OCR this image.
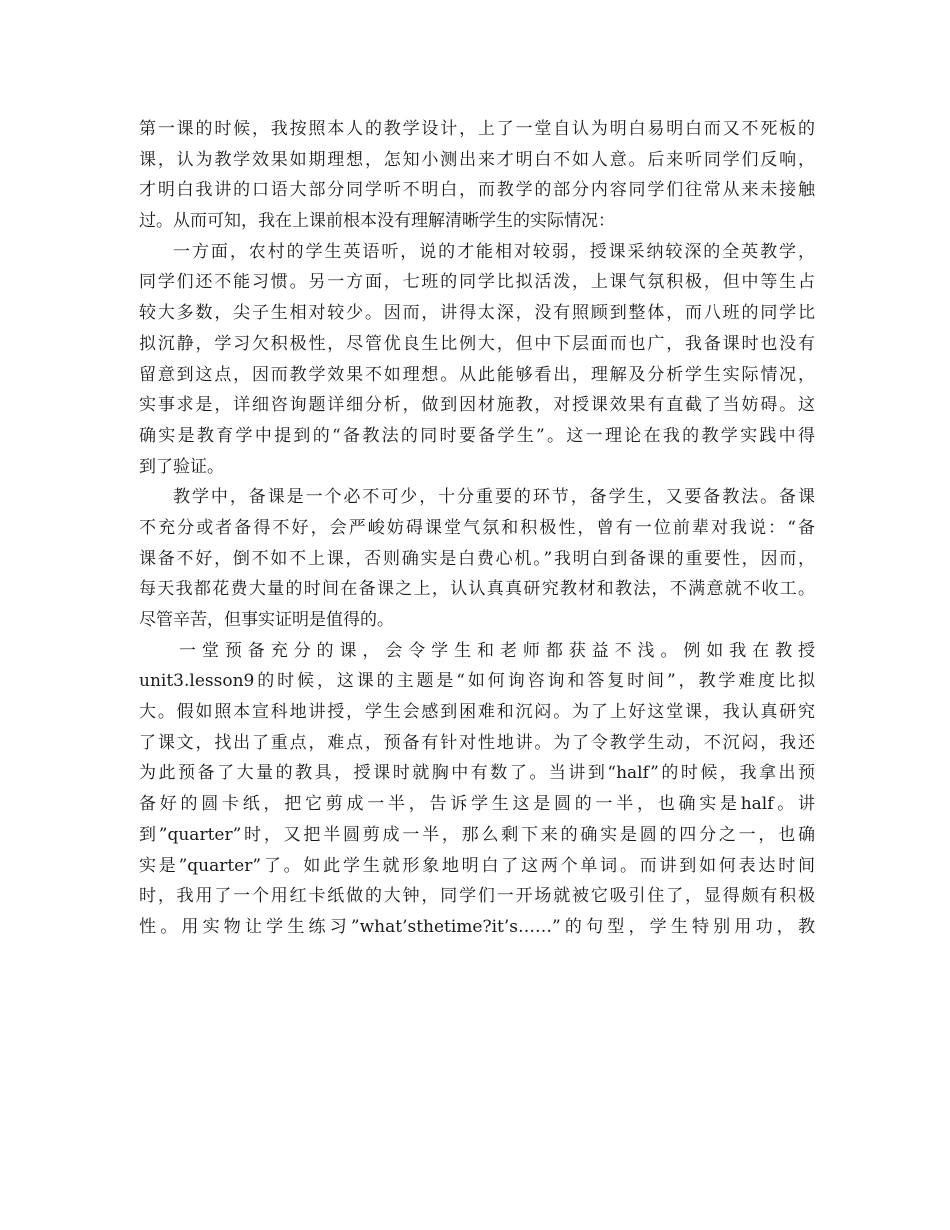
第一课的时候，我按照本人的教学设计，上了一堂自认为明白易明白而又不死板的
课，认为教学效果如期理想，怎知小测出来才明白不如人意。后来听同学们反响，
才明白我讲的口语大部分同学听不明白，而教学的部分内容同学们往常从来未接触
过。从而可知，我在上课前根本没有理解清晰学生的实际情况：
一方面，农村的学生英语听，说的才能相对较弱，授课采纳较深的全英教学，
同学们还不能习惯。另一方面，七班的同学比拟活泼，上课气氛积极，但中等生占
较大多数，尖子生相对较少。因而，讲得太深，没有照顾到整体，而八班的同学比
拟沉静，学习欠积极性，尽管优良生比例大，但中下层面而也广，我备课时也没有
留意到这点，因而教学效果不如理想。从此能够看出，理解及分析学生实际情况，
实事求是，详细咨询题详细分析，做到因材施教，对授课效果有直截了当妨碍。这
确实是教育学中提到的“备教法的同时要备学生”。这一理论在我的教学实践中得
到了验证。
教学中，备课是一个必不可少，十分重要的环节，备学生，又要备教法。备课
不充分或者备得不好，会严峻妨碍课堂气氛和积极性，曾有一位前辈对我说：“备
课备不好，倒不如不上课，否则确实是白费心机。”我明白到备课的重要性，因而，
每天我都花费大量的时间在备课之上，认认真真研究教材和教法，不满意就不收工。
尽管辛苦，但事实证明是值得的。
一堂预备充分的课，会令学生和老师都获益不浅。例如我在教授
unit3.lesson9的时候，这课的主题是“如何询咨询和答复时间”，教学难度比拟
大。假如照本宣科地讲授，学生会感到困难和沉闷。为了上好这堂课，我认真研究
了课文，找出了重点，难点，预备有针对性地讲。为了令教学生动，不沉闷，我还
为此预备了大量的教具，授课时就胸中有数了。当讲到“half”的时候，我拿出预
备好的圆卡纸，把它剪成一半，告诉学生这是圆的一半，也确实是half。讲
到”quarter”时，又把半圆剪成一半，那么剩下来的确实是圆的四分之一，也确
实是”quarter”了。如此学生就形象地明白了这两个单词。而讲到如何表达时间
时，我用了一个用红卡纸做的大钟，同学们一开场就被它吸引住了，显得颇有积极
性。用实物让学生练习”what’sthetime?it’s……”的句型，学生特别用功，教
